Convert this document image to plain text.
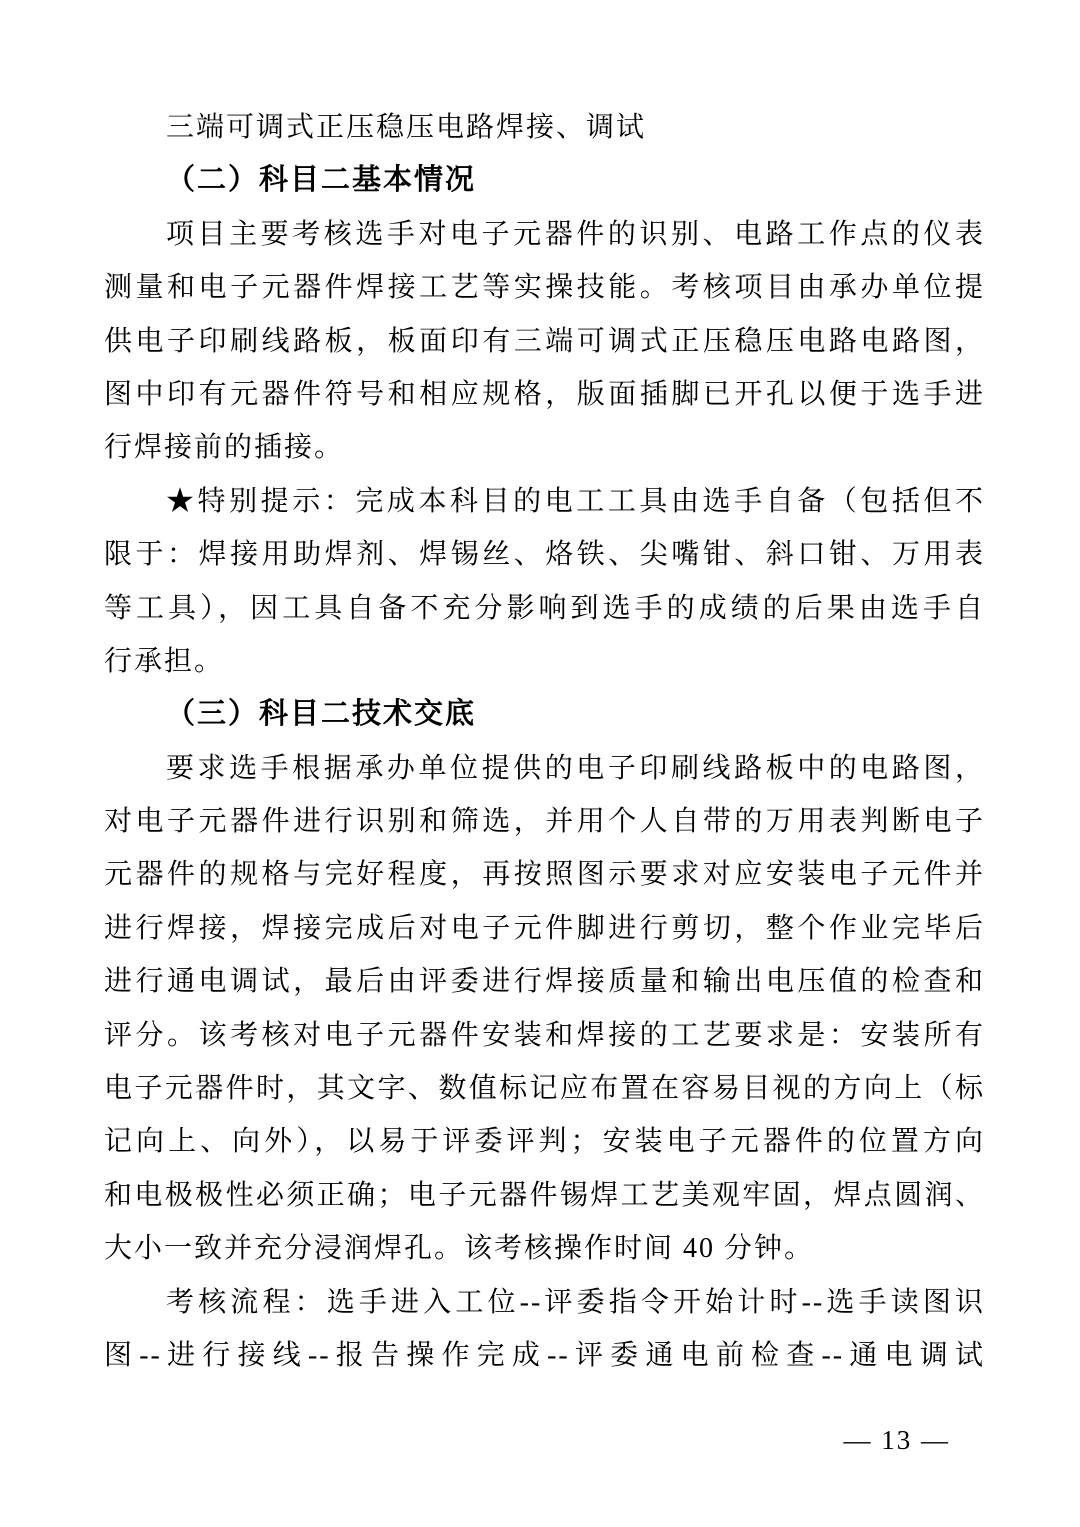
三端可调式正压稳压电路焊接、调试
（二）科目二基本情况
项目主要考核选手对电子元器件的识别、电路工作点的仪表
测量和电子元器件焊接工艺等实操技能。考核项目由承办单位提
供电子印刷线路板，板面印有三端可调式正压稳压电路电路图，
图中印有元器件符号和相应规格，版面插脚已开孔以便于选手进
行焊接前的插接。
★特别提示：完成本科目的电工工具由选手自备（包括但不
限于：焊接用助焊剂、焊锡丝、烙铁、尖嘴钳、斜口钳、万用表
等工具），因工具自备不充分影响到选手的成绩的后果由选手自
行承担。
（三）科目二技术交底
要求选手根据承办单位提供的电子印刷线路板中的电路图，
对电子元器件进行识别和筛选，并用个人自带的万用表判断电子
元器件的规格与完好程度，再按照图示要求对应安装电子元件并
进行焊接，焊接完成后对电子元件脚进行剪切，整个作业完毕后
进行通电调试，最后由评委进行焊接质量和输出电压值的检查和
评分。该考核对电子元器件安装和焊接的工艺要求是：安装所有
电子元器件时，其文字、数值标记应布置在容易目视的方向上（标
记向上、向外），以易于评委评判；安装电子元器件的位置方向
和电极极性必须正确；电子元器件锡焊工艺美观牢固，焊点圆润、
大小一致并充分浸润焊孔。该考核操作时间 40 分钟。
考核流程：选手进入工位--评委指令开始计时--选手读图识
图--进行接线--报告操作完成--评委通电前检查--通电调试
— 13 —
